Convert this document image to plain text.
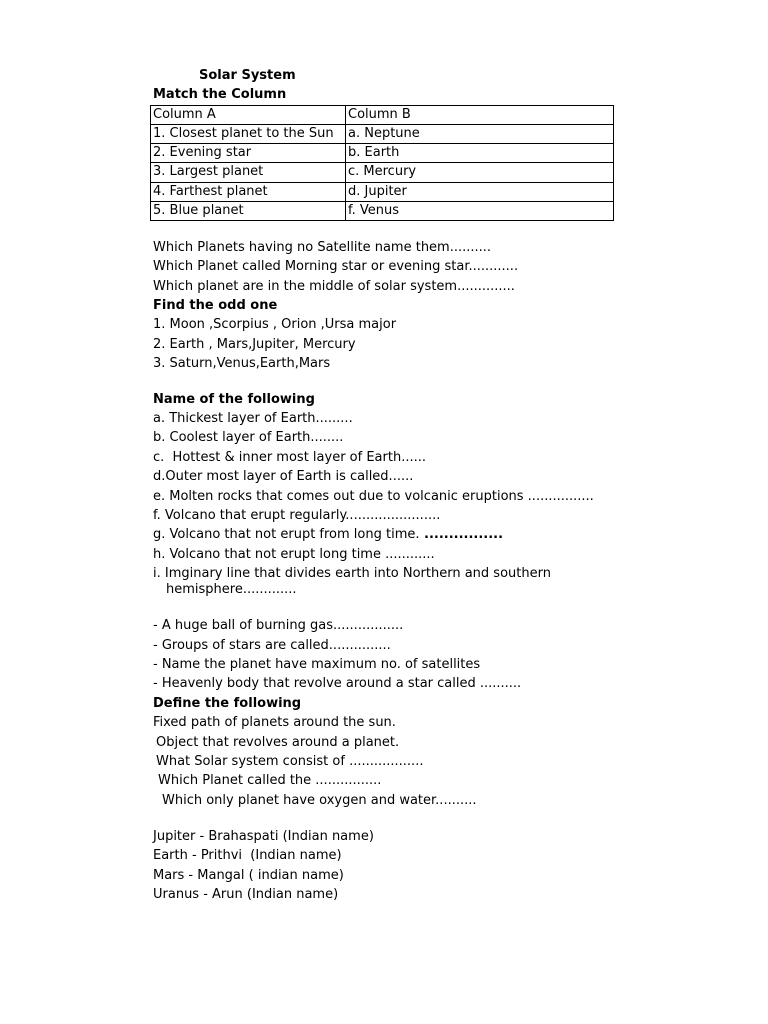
Solar System
Match the Column
Column A	Column B
1. Closest planet to the Sun	a. Neptune
2. Evening star	b. Earth
3. Largest planet	c. Mercury
4. Farthest planet	d. Jupiter
5. Blue planet	f. Venus
Which Planets having no Satellite name them..........
Which Planet called Morning star or evening star............
Which planet are in the middle of solar system..............
Find the odd one
1. Moon ,Scorpius , Orion ,Ursa major
2. Earth , Mars,Jupiter, Mercury
3. Saturn,Venus,Earth,Mars
Name of the following
a. Thickest layer of Earth.........
b. Coolest layer of Earth........
c.  Hottest & inner most layer of Earth......
d.Outer most layer of Earth is called......
e. Molten rocks that comes out due to volcanic eruptions ................
f. Volcano that erupt regularly.......................
g. Volcano that not erupt from long time. ................
h. Volcano that not erupt long time ............
i. Imginary line that divides earth into Northern and southern
hemisphere.............
- A huge ball of burning gas.................
- Groups of stars are called...............
- Name the planet have maximum no. of satellites
- Heavenly body that revolve around a star called ..........
Define the following
Fixed path of planets around the sun.
Object that revolves around a planet.
What Solar system consist of ..................
Which Planet called the ................
Which only planet have oxygen and water..........
Jupiter - Brahaspati (Indian name)
Earth - Prithvi  (Indian name)
Mars - Mangal ( indian name)
Uranus - Arun (Indian name)
